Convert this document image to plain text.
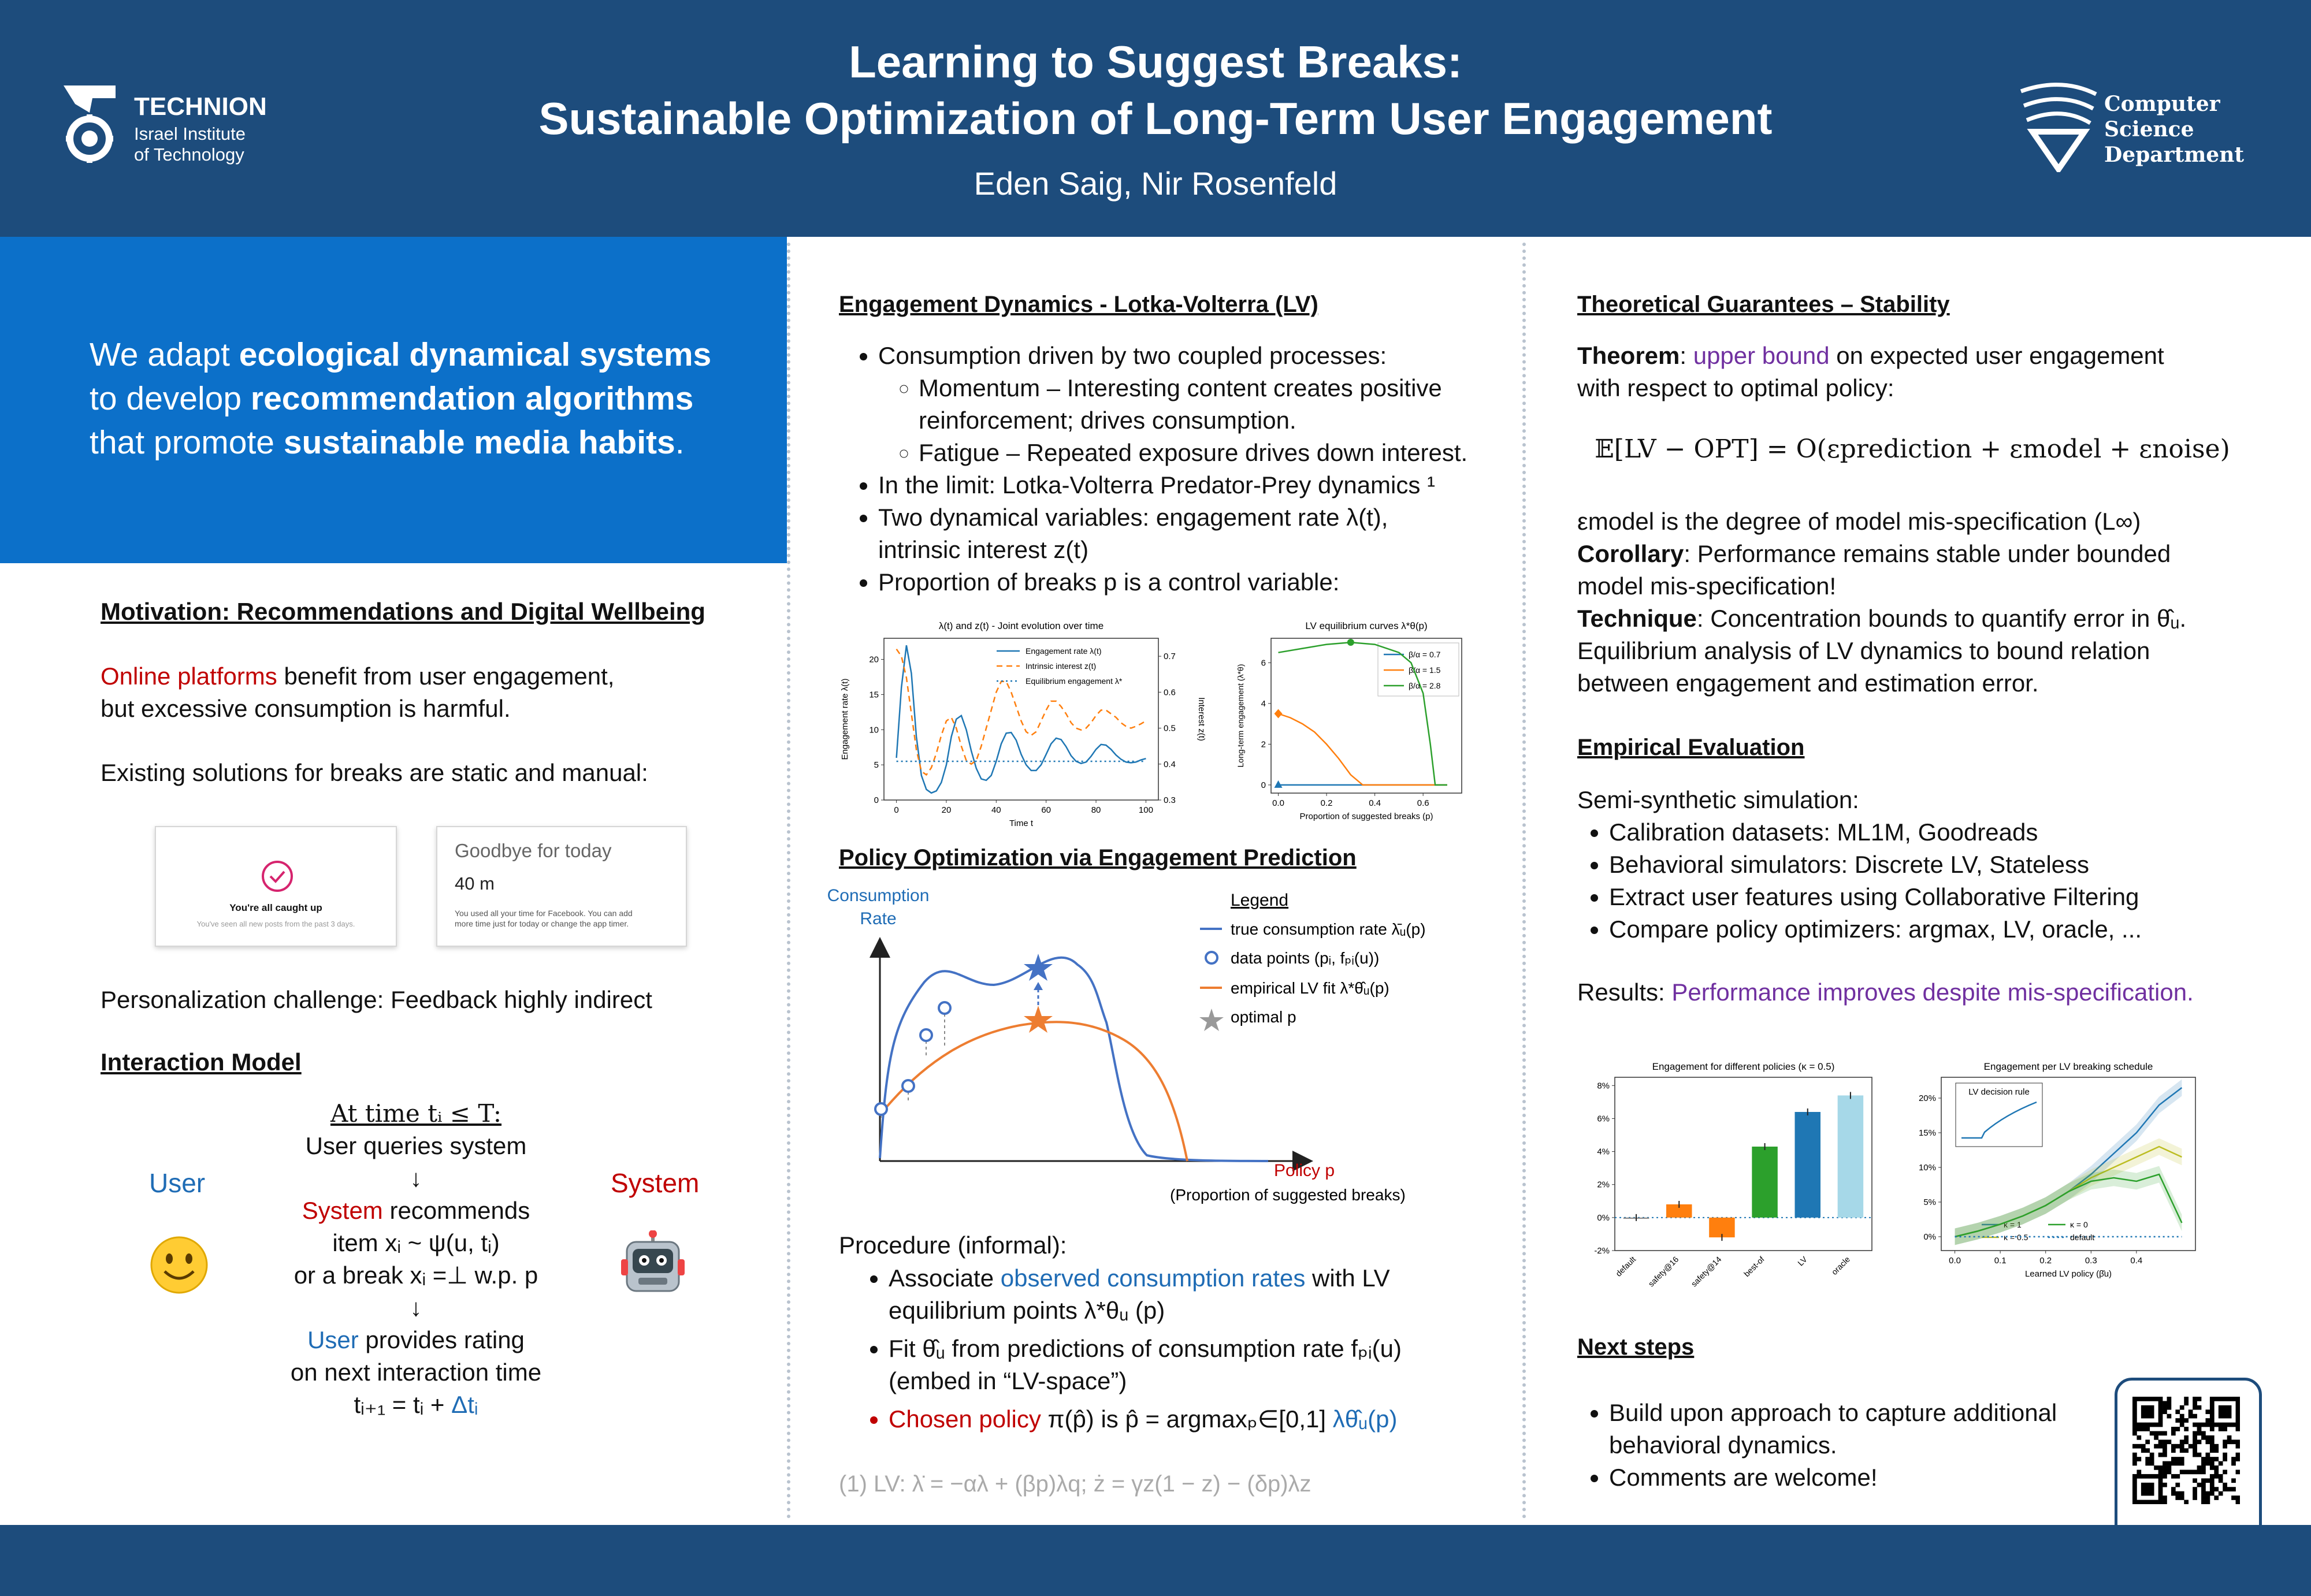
TECHNION
Israel Institute
of Technology
Learning to Suggest Breaks:
Sustainable Optimization of Long-Term User Engagement
Eden Saig, Nir Rosenfeld
Computer
Science
Department
We adapt ecological dynamical systems
to develop recommendation algorithms
that promote sustainable media habits.
Motivation: Recommendations and Digital Wellbeing
Online platforms benefit from user engagement,
but excessive consumption is harmful.
Existing solutions for breaks are static and manual:
You're all caught up
You've seen all new posts from the past 3 days.
Goodbye for today
40 m
You used all your time for Facebook. You can add
more time just for today or change the app timer.
Personalization challenge: Feedback highly indirect
Interaction Model
User	System
At time tᵢ ≤ T:
User queries system
↓
System recommends
item xᵢ ~ ψ(u, tᵢ)
or a break xᵢ =⊥ w.p. p
↓
User provides rating
on next interaction time
tᵢ₊₁ = tᵢ + Δtᵢ
Engagement Dynamics - Lotka-Volterra (LV)
• Consumption driven by two coupled processes:
◦ Momentum – Interesting content creates positive
reinforcement; drives consumption.
◦ Fatigue – Repeated exposure drives down interest.
• In the limit: Lotka-Volterra Predator-Prey dynamics ¹
• Two dynamical variables: engagement rate λ(t),
intrinsic interest z(t)
• Proportion of breaks p is a control variable:
λ(t) and z(t) - Joint evolution over time
0	20	40	60	80	100
0
5
10
15
20
0.3
0.4
0.5
0.6
0.7
Time t
Engagement rate λ(t)	Interest z(t)
Engagement rate λ(t)
Intrinsic interest z(t)
Equilibrium engagement λ*
LV equilibrium curves λ*θ(p)
0.0	0.2	0.4	0.6
0
2
4
6
Proportion of suggested breaks (p)
Long-term engagement (λ*θ)
β/α = 0.7
β/α = 1.5
β/α = 2.8
Policy Optimization via Engagement Prediction
Legend
true consumption rate λ̄ᵤ(p)
data points (pᵢ, fₚᵢ(u))
empirical LV fit λ*θ̂ᵤ(p)
optimal p
Consumption
Rate
Policy p
(Proportion of suggested breaks)
Procedure (informal):
• Associate observed consumption rates with LV
equilibrium points λ*θᵤ (p)
• Fit θ̂ᵤ from predictions of consumption rate fₚᵢ(u)
(embed in “LV-space”)
• Chosen policy π(p̂) is p̂ = argmaxₚ∈[0,1] λθ̂ᵤ(p)
(1) LV: λ̇ = −αλ + (βp)λq; ż = γz(1 − z) − (δp)λz
Theoretical Guarantees – Stability
Theorem: upper bound on expected user engagement
with respect to optimal policy:
𝔼[LV − OPT] = O(εprediction + εmodel + εnoise)
εmodel is the degree of model mis-specification (L∞)
Corollary: Performance remains stable under bounded
model mis-specification!
Technique: Concentration bounds to quantify error in θ̂ᵤ.
Equilibrium analysis of LV dynamics to bound relation
between engagement and estimation error.
Empirical Evaluation
Semi-synthetic simulation:
• Calibration datasets: ML1M, Goodreads
• Behavioral simulators: Discrete LV, Stateless
• Extract user features using Collaborative Filtering
• Compare policy optimizers: argmax, LV, oracle, ...
Results: Performance improves despite mis-specification.
Engagement for different policies (κ = 0.5)
-2%
0%
2%
4%
6%
8%
default safety@16 safety@14 best-of	LV	oracle
Engagement per LV breaking schedule
0.0	0.1	0.2	0.3	0.4
0%
5%
10%
15%
20%
Learned LV policy (β̂u)
κ = 1
κ = 0.5
κ = 0
default
LV decision rule
Next steps
• Build upon approach to capture additional
behavioral dynamics.
• Comments are welcome!
